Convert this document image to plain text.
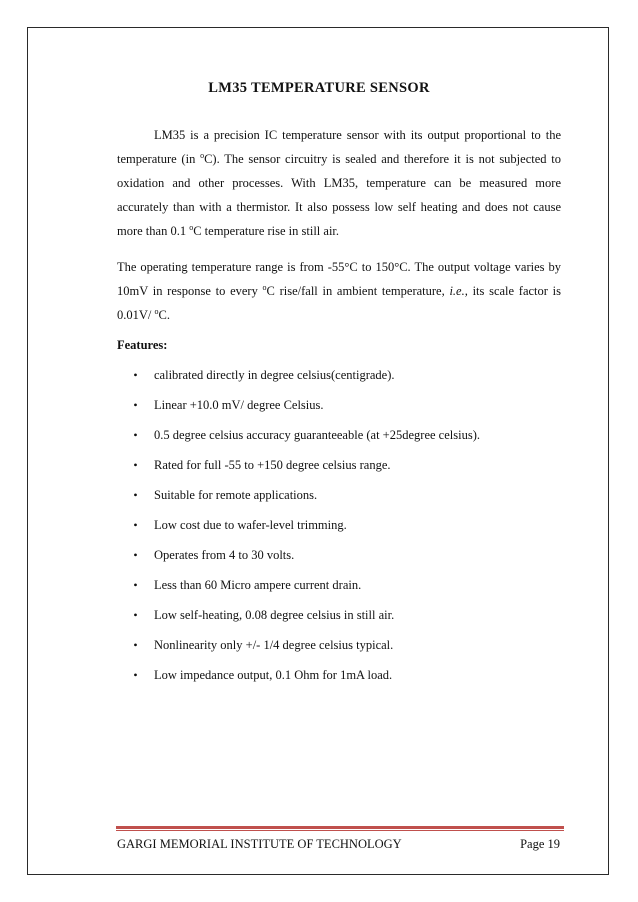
LM35 TEMPERATURE SENSOR

LM35 is a precision IC temperature sensor with its output proportional to the temperature (in $^o$C). The sensor circuitry is sealed and therefore it is not subjected to oxidation and other processes. With LM35, temperature can be measured more accurately than with a thermistor. It also possess low self heating and does not cause more than 0.1 $^o$C temperature rise in still air.

The operating temperature range is from -55°C to 150°C. The output voltage varies by 10mV in response to every $^o$C rise/fall in ambient temperature, i.e., its scale factor is 0.01V/ $^o$C.

Features:
•	calibrated directly in degree celsius(centigrade).
•	Linear +10.0 mV/ degree Celsius.
•	0.5 degree celsius accuracy guaranteeable (at +25degree celsius).
•	Rated for full -55 to +150 degree celsius range.
•	Suitable for remote applications.
•	Low cost due to wafer-level trimming.
•	Operates from 4 to 30 volts.
•	Less than 60 Micro ampere current drain.
•	Low self-heating, 0.08 degree celsius in still air.
•	Nonlinearity only +/- 1/4 degree celsius typical.
•	Low impedance output, 0.1 Ohm for 1mA load.
GARGI MEMORIAL INSTITUTE OF TECHNOLOGY	Page 19
